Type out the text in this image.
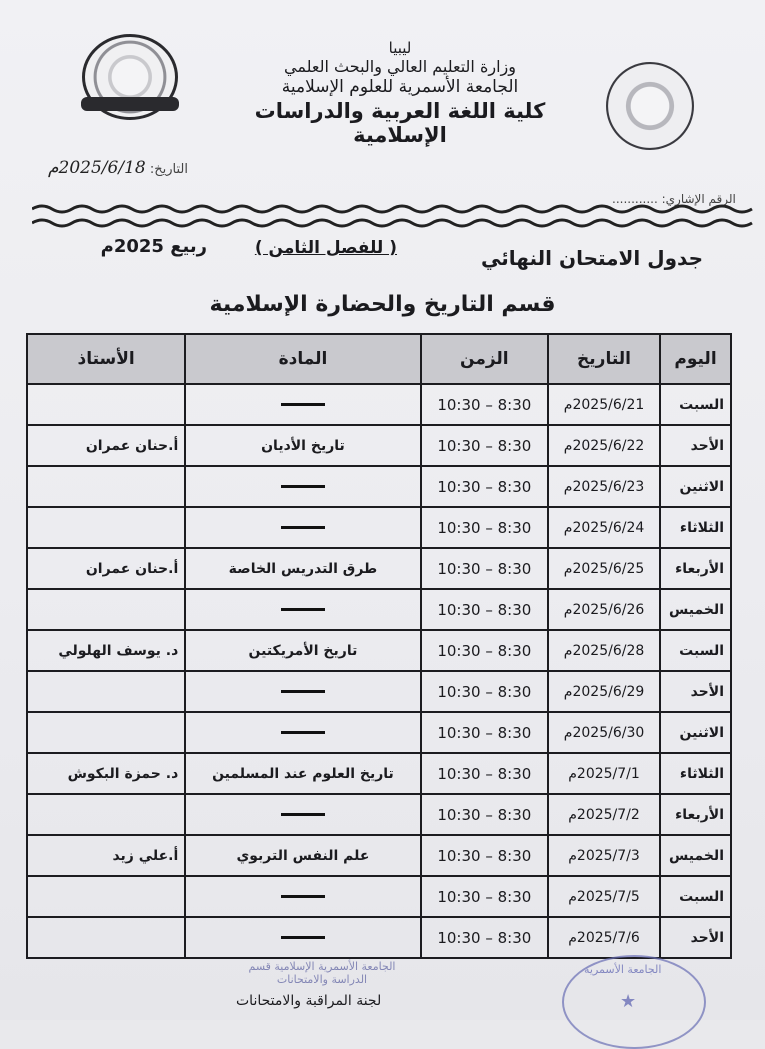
ليبيا
وزارة التعليم العالي والبحث العلمي
الجامعة الأسمرية للعلوم الإسلامية
كلية اللغة العربية والدراسات الإسلامية
التاريخ: 2025/6/18م
الرقم الإشاري: ............
جدول الامتحان النهائي
( للفصل الثامن )
ربيع 2025م
قسم التاريخ والحضارة الإسلامية
اليوم	التاريخ	الزمن	المادة	الأستاذ
السبت	2025/6/21م	8:30 – 10:30		
الأحد	2025/6/22م	8:30 – 10:30	تاريخ الأديان	أ.حنان عمران
الاثنين	2025/6/23م	8:30 – 10:30		
الثلاثاء	2025/6/24م	8:30 – 10:30		
الأربعاء	2025/6/25م	8:30 – 10:30	طرق التدريس الخاصة	أ.حنان عمران
الخميس	2025/6/26م	8:30 – 10:30		
السبت	2025/6/28م	8:30 – 10:30	تاريخ الأمريكتين	د. يوسف الهلولي
الأحد	2025/6/29م	8:30 – 10:30		
الاثنين	2025/6/30م	8:30 – 10:30		
الثلاثاء	2025/7/1م	8:30 – 10:30	تاريخ العلوم عند المسلمين	د. حمزة البكوش
الأربعاء	2025/7/2م	8:30 – 10:30		
الخميس	2025/7/3م	8:30 – 10:30	علم النفس التربوي	أ.علي زيد
السبت	2025/7/5م	8:30 – 10:30		
الأحد	2025/7/6م	8:30 – 10:30		
الجامعة الأسمرية الإسلامية قسم الدراسة والامتحانات
لجنة المراقبة والامتحانات
الجامعة الأسمرية
★
